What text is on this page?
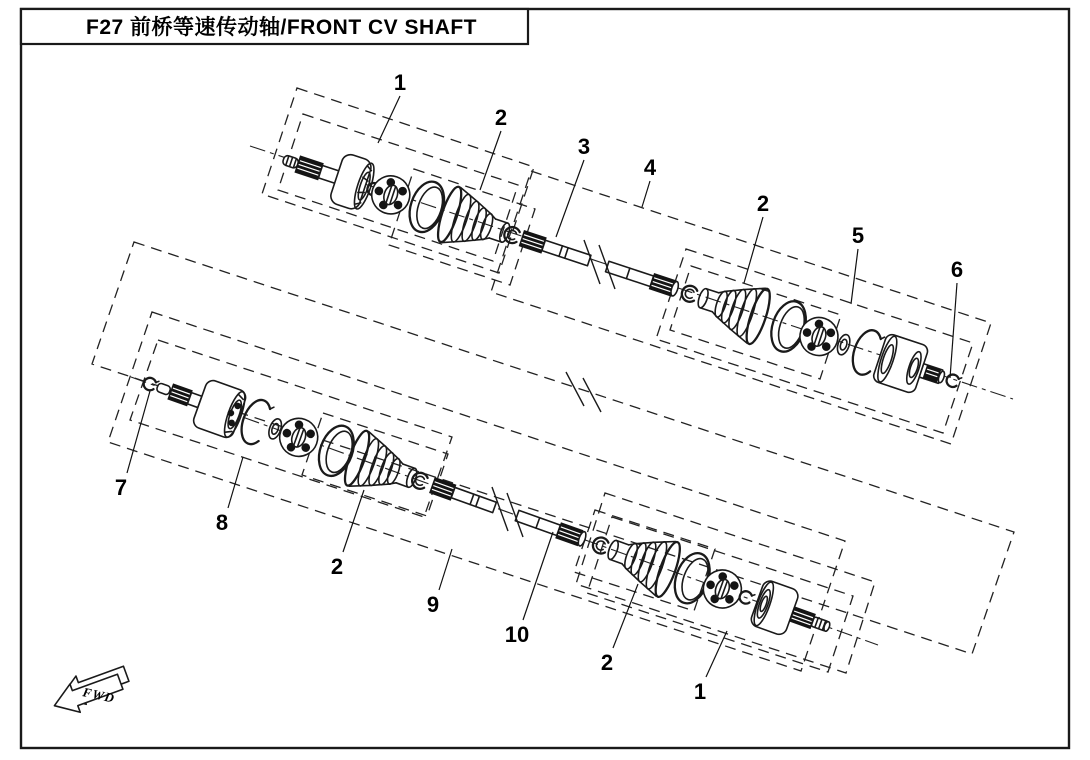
1
2
3
4
2
5
6
7
8
2
9
10
2
1
FWD
F27 前桥等速传动轴/FRONT CV SHAFT
